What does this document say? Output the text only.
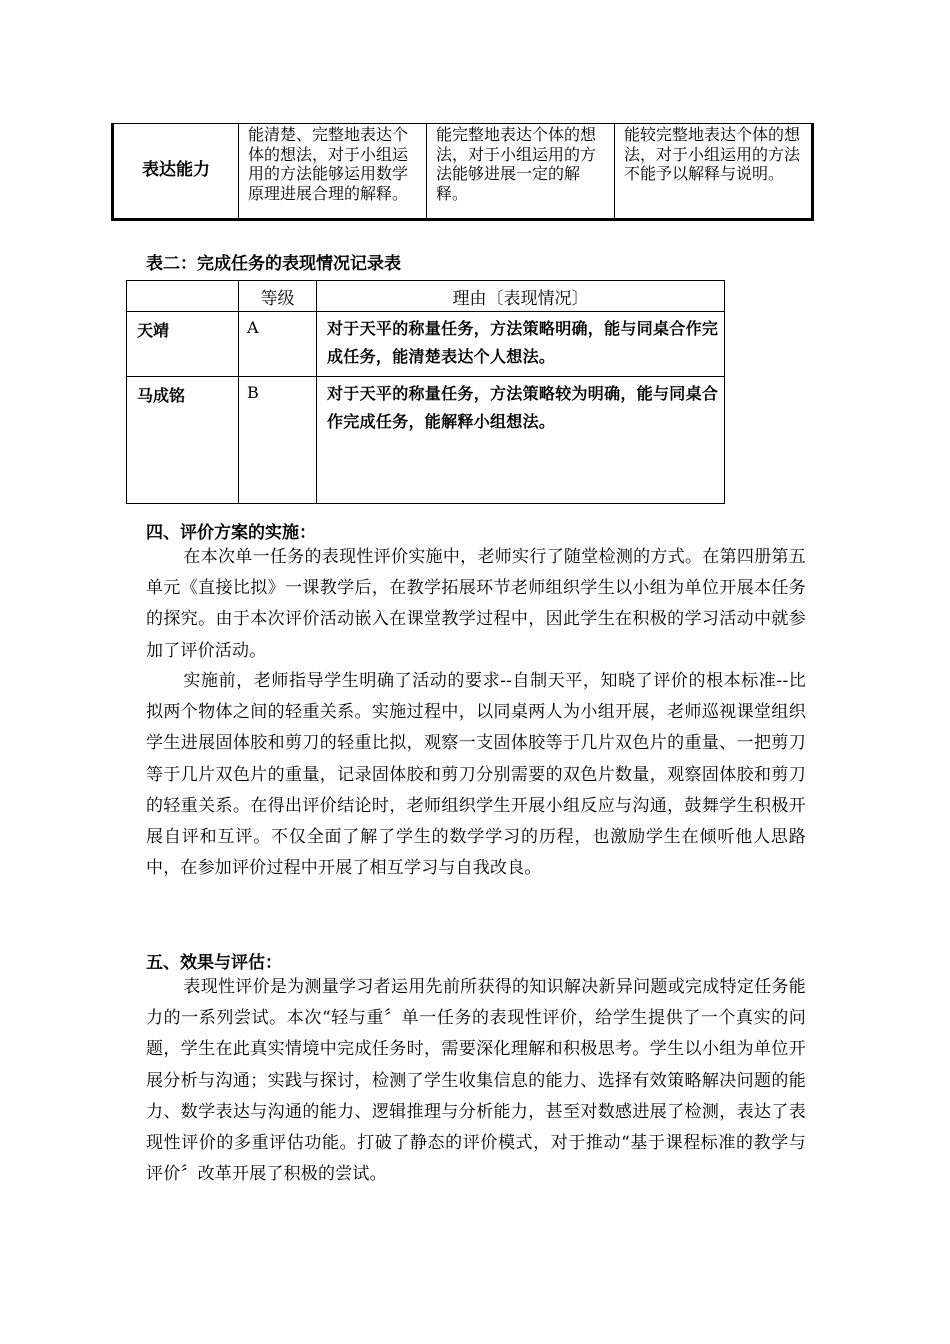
表达能力	能清楚、完整地表达个体的想法，对于小组运用的方法能够运用数学原理进展合理的解释。	能完整地表达个体的想法，对于小组运用的方法能够进展一定的解释。	能较完整地表达个体的想法，对于小组运用的方法不能予以解释与说明。
表二：完成任务的表现情况记录表
	等级	理由〔表现情况〕
天靖	A	对于天平的称量任务，方法策略明确，能与同桌合作完成任务，能清楚表达个人想法。
马成铭	B	对于天平的称量任务，方法策略较为明确，能与同桌合作完成任务，能解释小组想法。
四、评价方案的实施：

在本次单一任务的表现性评价实施中，老师实行了随堂检测的方式。在第四册第五单元《直接比拟》一课教学后，在教学拓展环节老师组织学生以小组为单位开展本任务的探究。由于本次评价活动嵌入在课堂教学过程中，因此学生在积极的学习活动中就参加了评价活动。

实施前，老师指导学生明确了活动的要求--自制天平，知晓了评价的根本标准--比拟两个物体之间的轻重关系。实施过程中，以同桌两人为小组开展，老师巡视课堂组织学生进展固体胶和剪刀的轻重比拟，观察一支固体胶等于几片双色片的重量、一把剪刀等于几片双色片的重量，记录固体胶和剪刀分别需要的双色片数量，观察固体胶和剪刀的轻重关系。在得出评价结论时，老师组织学生开展小组反应与沟通，鼓舞学生积极开展自评和互评。不仅全面了解了学生的数学学习的历程，也激励学生在倾听他人思路中，在参加评价过程中开展了相互学习与自我改良。

五、效果与评估：

表现性评价是为测量学习者运用先前所获得的知识解决新异问题或完成特定任务能力的一系列尝试。本次“轻与重〞单一任务的表现性评价，给学生提供了一个真实的问题，学生在此真实情境中完成任务时，需要深化理解和积极思考。学生以小组为单位开展分析与沟通；实践与探讨，检测了学生收集信息的能力、选择有效策略解决问题的能力、数学表达与沟通的能力、逻辑推理与分析能力，甚至对数感进展了检测，表达了表现性评价的多重评估功能。打破了静态的评价模式，对于推动“基于课程标准的教学与评价〞改革开展了积极的尝试。
